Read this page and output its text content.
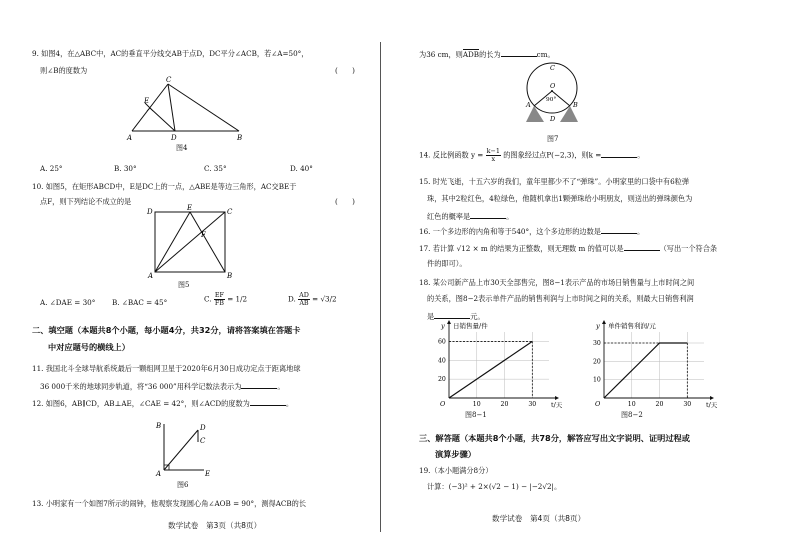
9. 如图4，在△ABC中，AC的垂直平分线交AB于点D，DC平分∠ACB，若∠A=50°，
(　　)
则∠B的度数为
C
E
A	D	B
图4
A. 25°	B. 30°	C. 35°	D. 40°
10. 如图5，在矩形ABCD中，E是DC上的一点，△ABE是等边三角形，AC交BE于
(　　)
点F，则下列结论不成立的是
D	E	C
F
A	B
图5
A. ∠DAE = 30° B. ∠BAC = 45°	C. $\frac{EF}{FB} = 1/2$	D. $\frac{AD}{AB} = √3/2$
二、填空题（本题共8个小题，每小题4分，共32分，请将答案填在答题卡
中对应题号的横线上）
11. 我国北斗全球导航系统最后一颗组网卫星于2020年6月30日成功定点于距离地球
36 000千米的地球同步轨道，将“36 000”用科学记数法表示为	。
12. 如图6，AB∥CD，AB⊥AE，∠CAE = 42°，则∠ACD的度数为	。
B	D
C
A	E
图6
13. 小明家有一个如图7所示的闹钟，他观察发现圆心角∠AOB = 90°，测得ACB的长
数学试卷　第3页（共8页）
为36 cm，则ADB的长为	cm。
C
O
90°
A	B
D
图7
14. 反比例函数 $y = \frac{k-1}{x}$ 的图象经过点P(−2,3)，则k =	。
15. 时光飞逝，十五六岁的我们，童年里都少不了“弹珠”。小明家里的口袋中有6粒弹
珠，其中2粒红色，4粒绿色，他随机拿出1颗弹珠给小明朋友，则送出的弹珠颜色为
红色的概率是	。
16. 一个多边形的内角和等于540°，这个多边形的边数是	。
17. 若计算 √12 × m 的结果为正整数，则无理数 m 的值可以是	（写出一个符合条
件的即可）。
18. 某公司新产品上市30天全部售完，图8−1表示产品的市场日销售量与上市时间之间
的关系，图8−2表示单件产品的销售利润与上市时间之间的关系，则最大日销售利润
是	元。
y 日销售量/件
t/天
O	10	20	30
20
40
60
y 单件销售利润/元
t/天
O	10	20	30
10
20
30
图8−1	图8−2
三、解答题（本题共8个小题，共78分，解答应写出文字说明、证明过程或
演算步骤）
19.（本小题满分8分）
计算：(−3)² + 2×(√2 − 1) − |−2√2|。
数学试卷　第4页（共8页）
